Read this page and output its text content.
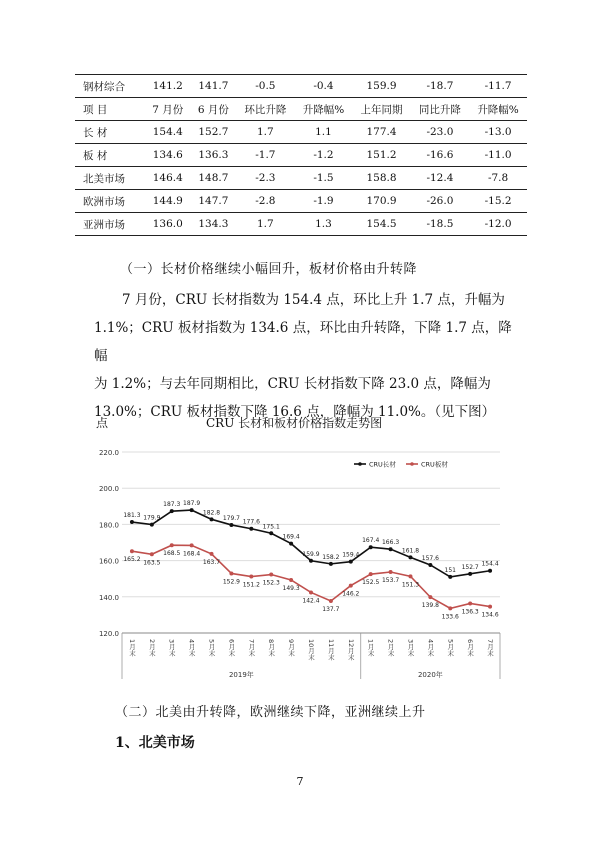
钢材综合	141.2	141.7	-0.5	-0.4	159.9	-18.7	-11.7
项 目	7 月份	6 月份	环比升降	升降幅%	上年同期	同比升降	升降幅%
长 材	154.4	152.7	1.7	1.1	177.4	-23.0	-13.0
板 材	134.6	136.3	-1.7	-1.2	151.2	-16.6	-11.0
北美市场	146.4	148.7	-2.3	-1.5	158.8	-12.4	-7.8
欧洲市场	144.9	147.7	-2.8	-1.9	170.9	-26.0	-15.2
亚洲市场	136.0	134.3	1.7	1.3	154.5	-18.5	-12.0
（一）长材价格继续小幅回升，板材价格由升转降
7 月份，CRU 长材指数为 154.4 点，环比上升 1.7 点，升幅为
1.1%；CRU 板材指数为 134.6 点，环比由升转降，下降 1.7 点，降幅
为 1.2%；与去年同期相比，CRU 长材指数下降 23.0 点，降幅为
13.0%；CRU 板材指数下降 16.6 点，降幅为 11.0%。（见下图）
点	CRU 长材和板材价格指数走势图
220.0
200.0
180.0
160.0
140.0
120.0
1月末 2月末 3月末 4月末 5月末 6月末 7月末 8月末 9月末 10月末 11月末 12月末 1月末 2月末 3月末 4月末 5月末 6月末 7月末
2019年	2020年
181.3 179.9
187.3 187.9
182.8
179.7
177.6
175.1
169.4
159.9 158.2 159.4
167.4 166.3
161.8
157.6
151 152.7 154.4
165.2 163.5
168.5 168.4
163.7
152.9 151.2 152.3
149.3
142.4
137.7
146.2
152.5 153.7
151.3
139.8
133.6
136.3 134.6
CRU长材	CRU板材
（二）北美由升转降，欧洲继续下降，亚洲继续上升
1、北美市场
7
